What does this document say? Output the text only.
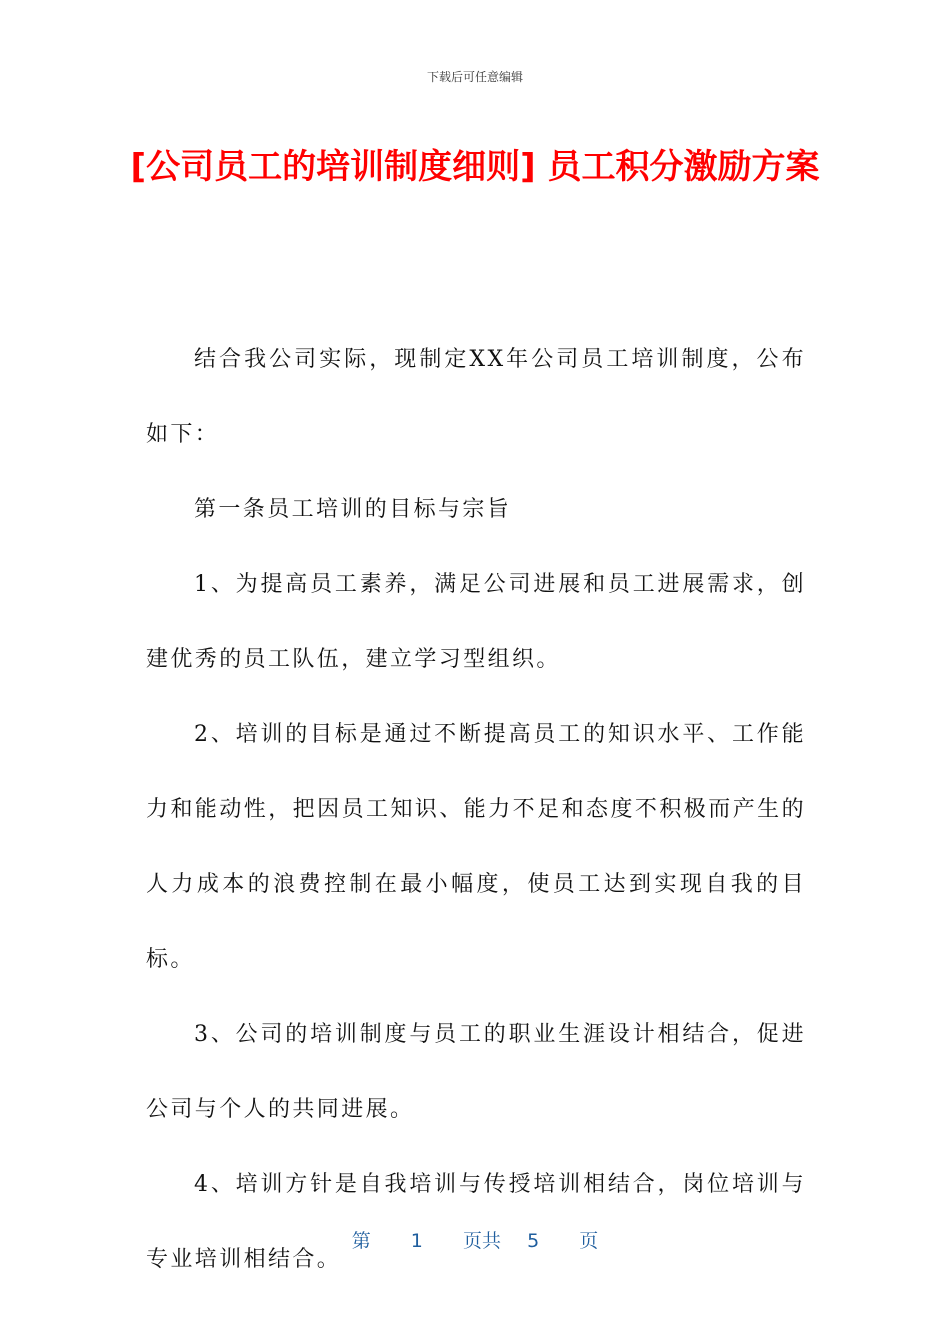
下载后可任意编辑
[公司员工的培训制度细则] 员工积分激励方案

结合我公司实际，现制定XX年公司员工培训制度，公布如下：

第一条员工培训的目标与宗旨

1、为提高员工素养，满足公司进展和员工进展需求，创建优秀的员工队伍，建立学习型组织。

2、培训的目标是通过不断提高员工的知识水平、工作能力和能动性，把因员工知识、能力不足和态度不积极而产生的人力成本的浪费控制在最小幅度，使员工达到实现自我的目标。

3、公司的培训制度与员工的职业生涯设计相结合，促进公司与个人的共同进展。

4、培训方针是自我培训与传授培训相结合，岗位培训与专业培训相结合。

第 1 页共 5 页
